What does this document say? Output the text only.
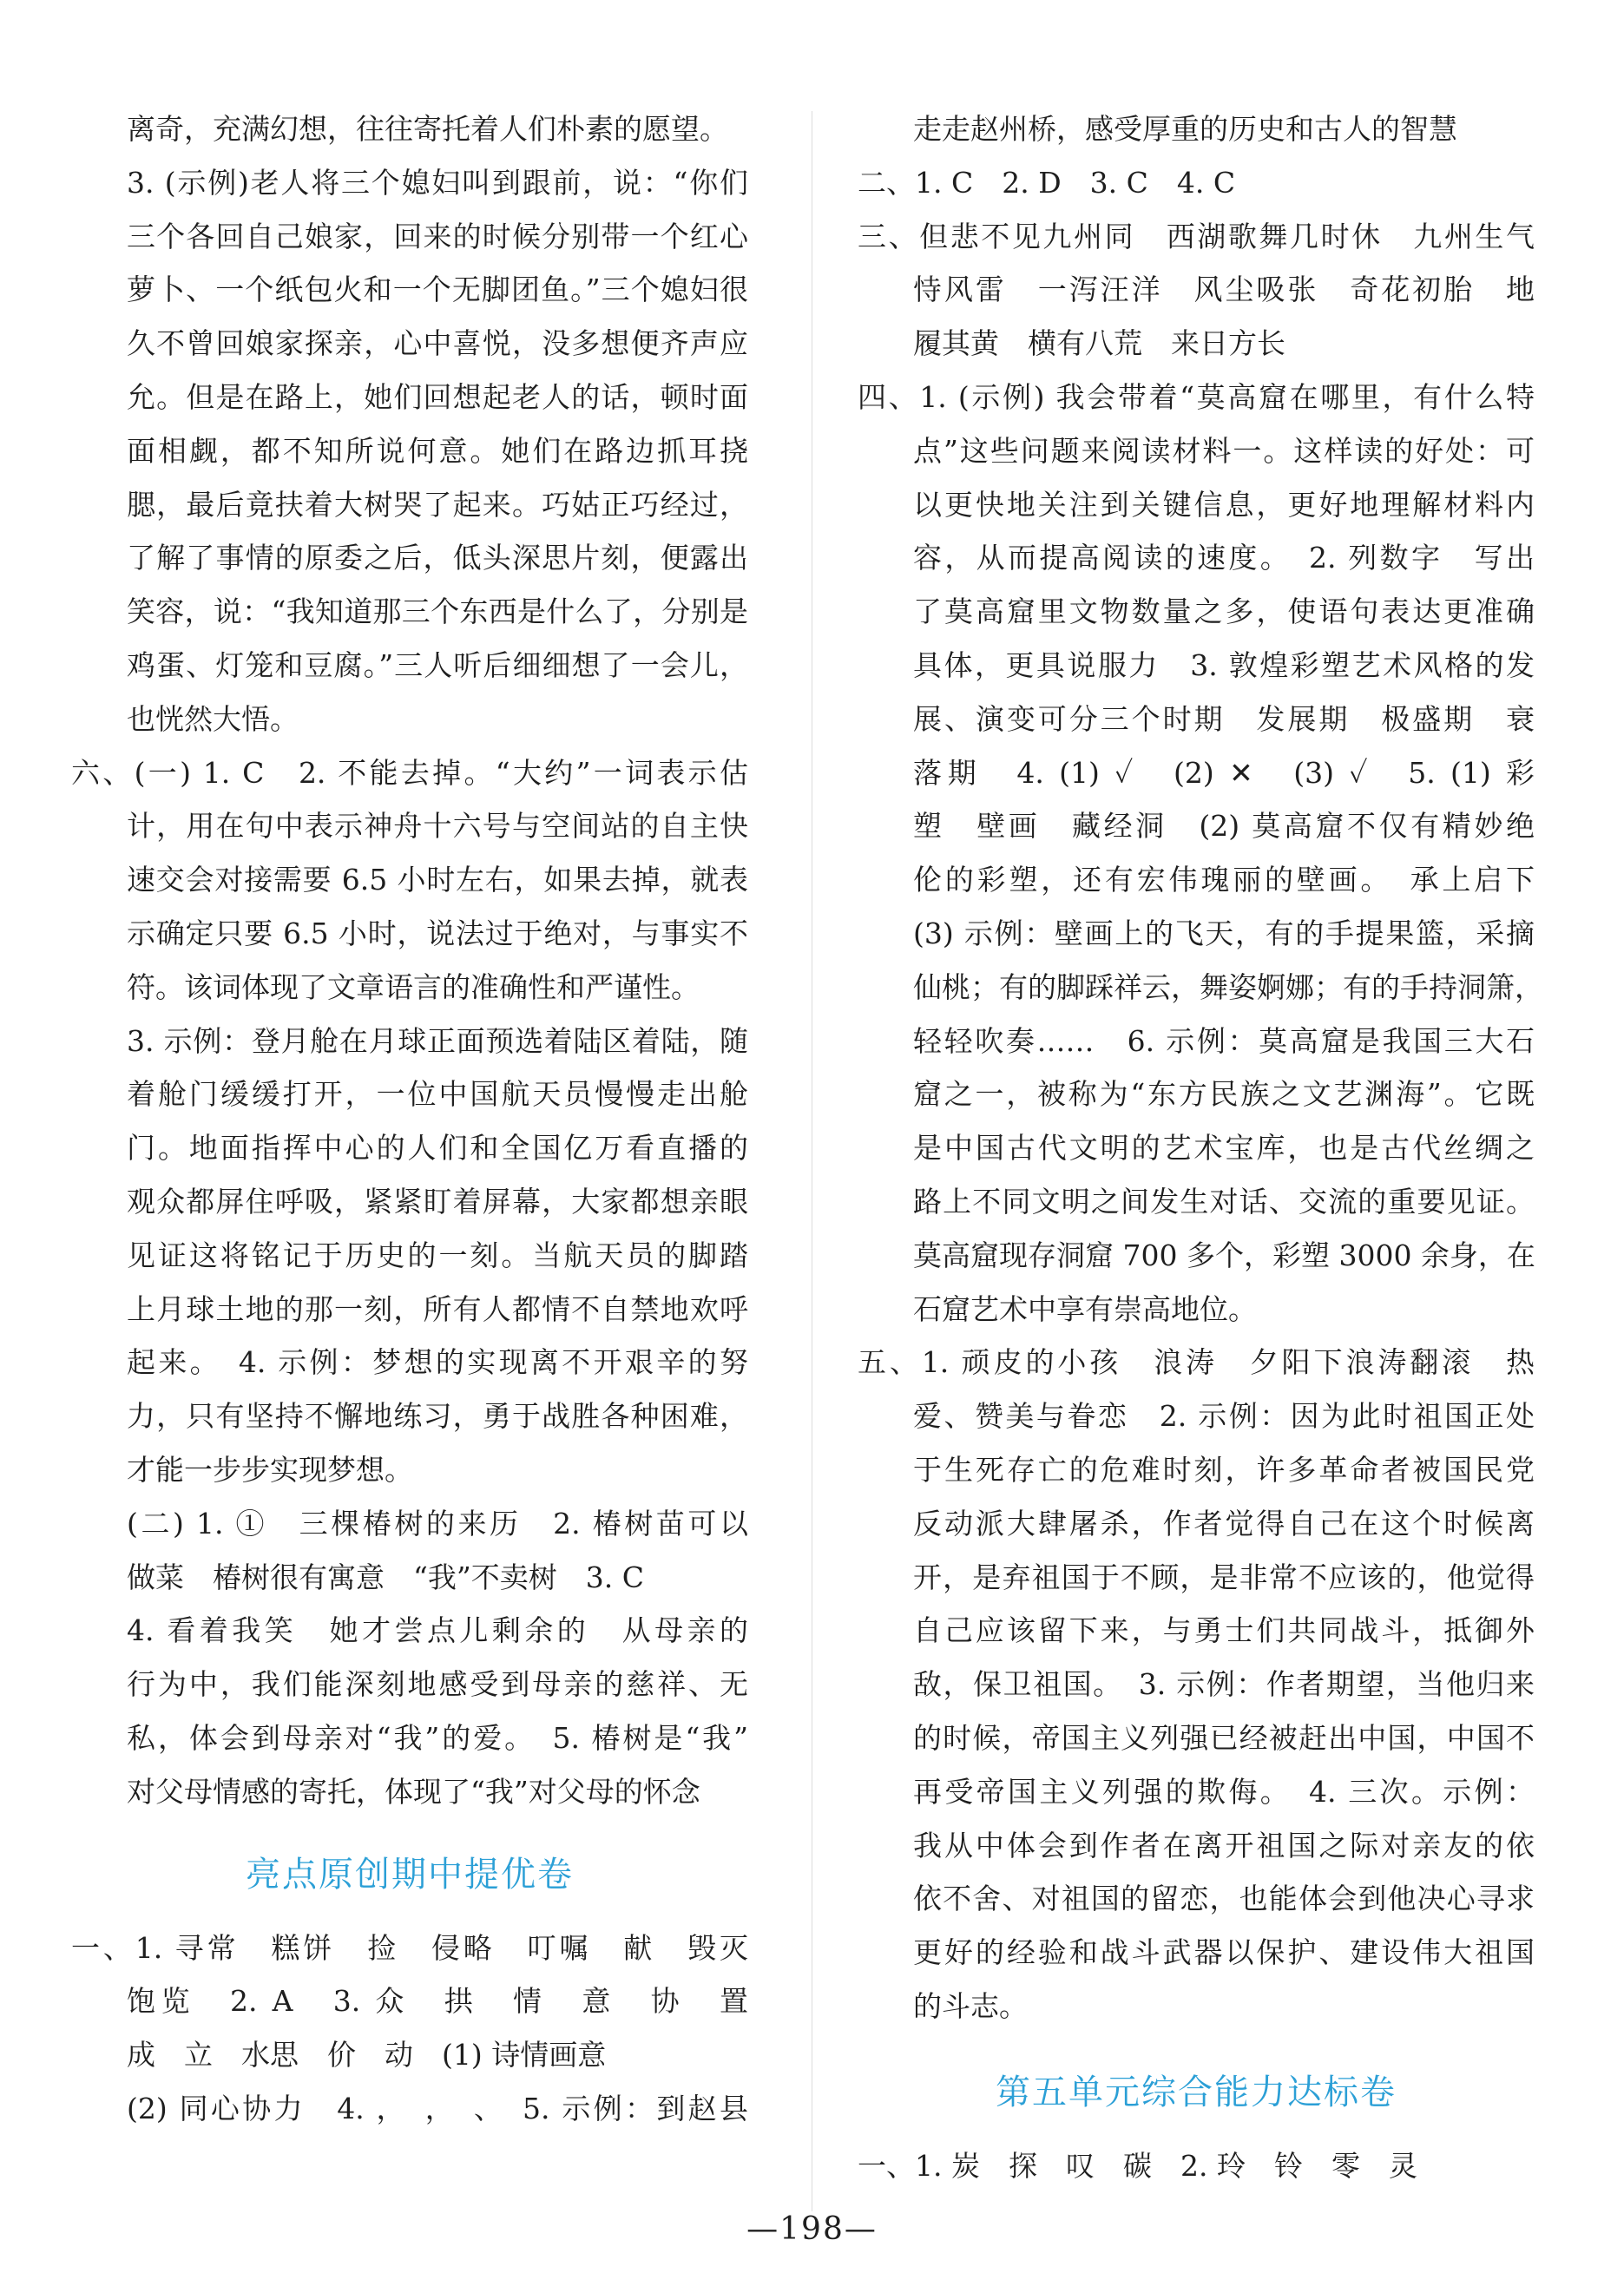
离奇，充满幻想，往往寄托着人们朴素的愿望。
3. (示例)老人将三个媳妇叫到跟前，说：“你们
三个各回自己娘家，回来的时候分别带一个红心
萝卜、一个纸包火和一个无脚团鱼。”三个媳妇很
久不曾回娘家探亲，心中喜悦，没多想便齐声应
允。但是在路上，她们回想起老人的话，顿时面
面相觑，都不知所说何意。她们在路边抓耳挠
腮，最后竟扶着大树哭了起来。巧姑正巧经过，
了解了事情的原委之后，低头深思片刻，便露出
笑容，说：“我知道那三个东西是什么了，分别是
鸡蛋、灯笼和豆腐。”三人听后细细想了一会儿，
也恍然大悟。
六、(一) 1. C　2. 不能去掉。“大约”一词表示估
计，用在句中表示神舟十六号与空间站的自主快
速交会对接需要 6.5 小时左右，如果去掉，就表
示确定只要 6.5 小时，说法过于绝对，与事实不
符。该词体现了文章语言的准确性和严谨性。
3. 示例：登月舱在月球正面预选着陆区着陆，随
着舱门缓缓打开，一位中国航天员慢慢走出舱
门。地面指挥中心的人们和全国亿万看直播的
观众都屏住呼吸，紧紧盯着屏幕，大家都想亲眼
见证这将铭记于历史的一刻。当航天员的脚踏
上月球土地的那一刻，所有人都情不自禁地欢呼
起来。　4. 示例：梦想的实现离不开艰辛的努
力，只有坚持不懈地练习，勇于战胜各种困难，
才能一步步实现梦想。
(二) 1. ①　三棵椿树的来历　2. 椿树苗可以
做菜　椿树很有寓意　“我”不卖树　3. C
4. 看着我笑　她才尝点儿剩余的　从母亲的
行为中，我们能深刻地感受到母亲的慈祥、无
私，体会到母亲对“我”的爱。　5. 椿树是“我”
对父母情感的寄托，体现了“我”对父母的怀念
亮点原创期中提优卷
一、1. 寻常　糕饼　捡　侵略　叮嘱　献　毁灭
饱览　2. A　3. 众　拱　情　意　协　置
成　立　水思　价　动　(1) 诗情画意
(2) 同心协力　4. ，　，　、　5. 示例：到赵县
走走赵州桥，感受厚重的历史和古人的智慧
二、1. C　2. D　3. C　4. C
三、但悲不见九州同　西湖歌舞几时休　九州生气
恃风雷　一泻汪洋　风尘吸张　奇花初胎　地
履其黄　横有八荒　来日方长
四、1. (示例) 我会带着“莫高窟在哪里，有什么特
点”这些问题来阅读材料一。这样读的好处：可
以更快地关注到关键信息，更好地理解材料内
容，从而提高阅读的速度。　2. 列数字　写出
了莫高窟里文物数量之多，使语句表达更准确
具体，更具说服力　3. 敦煌彩塑艺术风格的发
展、演变可分三个时期　发展期　极盛期　衰
落期　4. (1) ✓　(2) ✕　(3) ✓　5. (1) 彩
塑　壁画　藏经洞　(2) 莫高窟不仅有精妙绝
伦的彩塑，还有宏伟瑰丽的壁画。　承上启下
(3) 示例：壁画上的飞天，有的手提果篮，采摘
仙桃；有的脚踩祥云，舞姿婀娜；有的手持洞箫，
轻轻吹奏……　6. 示例：莫高窟是我国三大石
窟之一，被称为“东方民族之文艺渊海”。它既
是中国古代文明的艺术宝库，也是古代丝绸之
路上不同文明之间发生对话、交流的重要见证。
莫高窟现存洞窟 700 多个，彩塑 3000 余身，在
石窟艺术中享有崇高地位。
五、1. 顽皮的小孩　浪涛　夕阳下浪涛翻滚　热
爱、赞美与眷恋　2. 示例：因为此时祖国正处
于生死存亡的危难时刻，许多革命者被国民党
反动派大肆屠杀，作者觉得自己在这个时候离
开，是弃祖国于不顾，是非常不应该的，他觉得
自己应该留下来，与勇士们共同战斗，抵御外
敌，保卫祖国。　3. 示例：作者期望，当他归来
的时候，帝国主义列强已经被赶出中国，中国不
再受帝国主义列强的欺侮。　4. 三次。示例：
我从中体会到作者在离开祖国之际对亲友的依
依不舍、对祖国的留恋，也能体会到他决心寻求
更好的经验和战斗武器以保护、建设伟大祖国
的斗志。
第五单元综合能力达标卷
一、1. 炭　探　叹　碳　2. 玲　铃　零　灵
—198—
